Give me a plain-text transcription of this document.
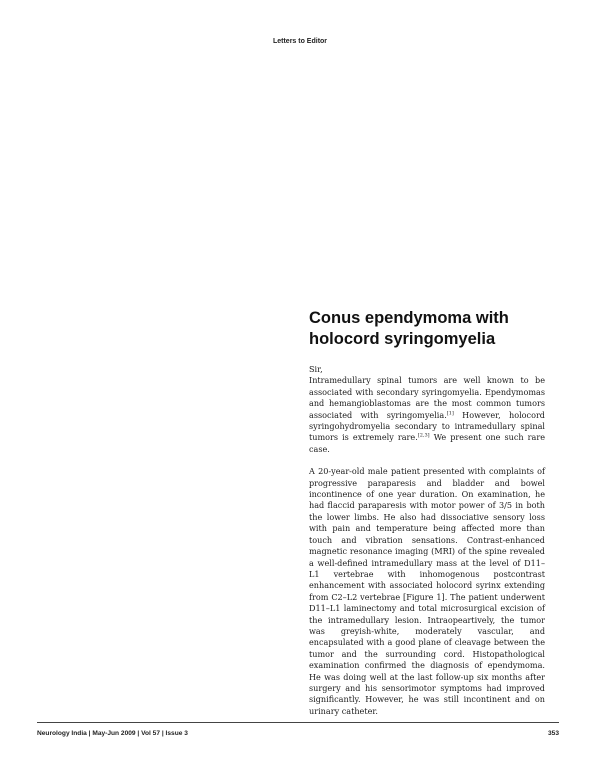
Letters to Editor
Conus ependymoma with
holocord syringomyelia

Sir,

Intramedullary spinal tumors are well known to be associated with secondary syringomyelia. Ependymomas and hemangioblastomas are the most common tumors associated with syringomyelia.[1] However, holocord syringohydromyelia secondary to intramedullary spinal tumors is extremely rare.[2,3] We present one such rare case.

A 20-year-old male patient presented with complaints of progressive paraparesis and bladder and bowel incontinence of one year duration. On examination, he had flaccid paraparesis with motor power of 3/5 in both the lower limbs. He also had dissociative sensory loss with pain and temperature being affected more than touch and vibration sensations. Contrast-enhanced magnetic resonance imaging (MRI) of the spine revealed a well-defined intramedullary mass at the level of D11–L1 vertebrae with inhomogenous postcontrast enhancement with associated holocord syrinx extending from C2–L2 vertebrae [Figure 1]. The patient underwent D11–L1 laminectomy and total microsurgical excision of the intramedullary lesion. Intraopeartively, the tumor was greyish-white, moderately vascular, and encapsulated with a good plane of cleavage between the tumor and the surrounding cord. Histopathological examination confirmed the diagnosis of ependymoma. He was doing well at the last follow-up six months after surgery and his sensorimotor symptoms had improved significantly. However, he was still incontinent and on urinary catheter.

Neurology India | May-Jun 2009 | Vol 57 | Issue 3	353
